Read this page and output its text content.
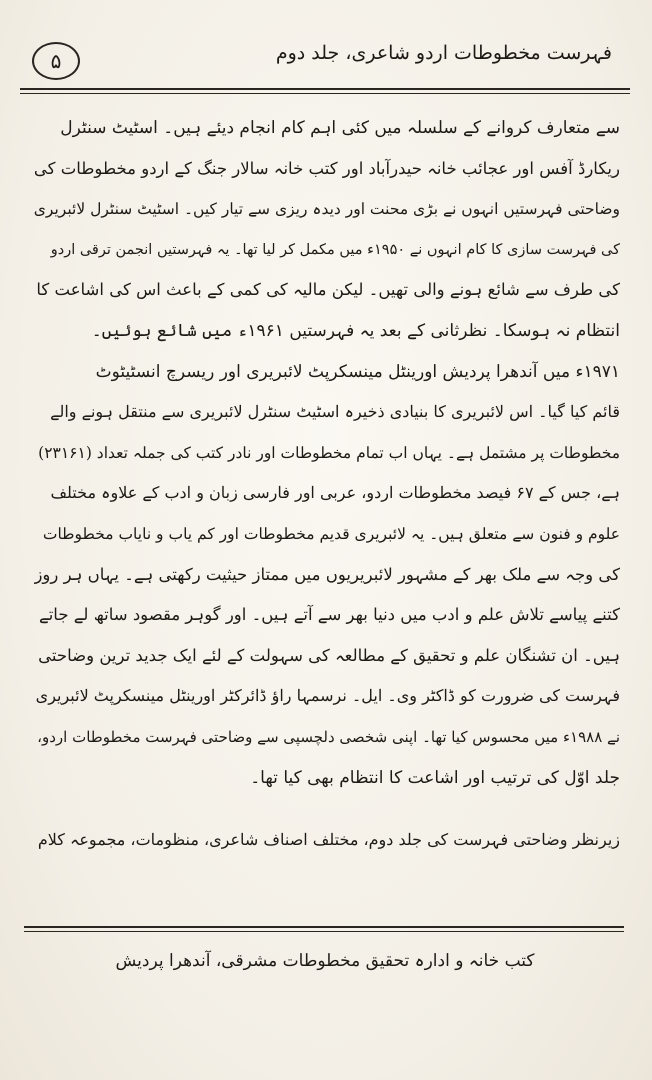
۵	فہرست مخطوطات اردو شاعری، جلد دوم
سے متعارف کروانے کے سلسلہ میں کئی اہم کام انجام دیئے ہیں۔ اسٹیٹ سنٹرل
ریکارڈ آفس اور عجائب خانہ حیدرآباد اور کتب خانہ سالار جنگ کے اردو مخطوطات کی
وضاحتی فہرستیں انہوں نے بڑی محنت اور دیدہ ریزی سے تیار کیں۔ اسٹیٹ سنٹرل لائبریری
کی فہرست سازی کا کام انہوں نے ۱۹۵۰ء میں مکمل کر لیا تھا۔ یہ فہرستیں انجمن ترقی اردو
کی طرف سے شائع ہونے والی تھیں۔ لیکن مالیہ کی کمی کے باعث اس کی اشاعت کا
انتظام نہ ہوسکا۔ نظرثانی کے بعد یہ فہرستیں ۱۹۶۱ء میں شائع ہوئیں۔
۱۹۷۱ء میں آندھرا پردیش اورینٹل مینسکرپٹ لائبریری اور ریسرچ انسٹیٹوٹ
قائم کیا گیا۔ اس لائبریری کا بنیادی ذخیرہ اسٹیٹ سنٹرل لائبریری سے منتقل ہونے والے
مخطوطات پر مشتمل ہے۔ یہاں اب تمام مخطوطات اور نادر کتب کی جملہ تعداد (۲۳۱۶۱)
ہے، جس کے ۶۷ فیصد مخطوطات اردو، عربی اور فارسی زبان و ادب کے علاوہ مختلف
علوم و فنون سے متعلق ہیں۔ یہ لائبریری قدیم مخطوطات اور کم یاب و نایاب مخطوطات
کی وجہ سے ملک بھر کے مشہور لائبریریوں میں ممتاز حیثیت رکھتی ہے۔ یہاں ہر روز
کتنے پیاسے تلاش علم و ادب میں دنیا بھر سے آتے ہیں۔ اور گوہر مقصود ساتھ لے جاتے
ہیں۔ ان تشنگان علم و تحقیق کے مطالعہ کی سہولت کے لئے ایک جدید ترین وضاحتی
فہرست کی ضرورت کو ڈاکٹر وی۔ ایل۔ نرسمہا راؤ ڈائرکٹر اورینٹل مینسکرپٹ لائبریری
نے ۱۹۸۸ء میں محسوس کیا تھا۔ اپنی شخصی دلچسپی سے وضاحتی فہرست مخطوطات اردو،
جلد اوّل کی ترتیب اور اشاعت کا انتظام بھی کیا تھا۔
زیرنظر وضاحتی فہرست کی جلد دوم، مختلف اصناف شاعری، منظومات، مجموعہ کلام
کتب خانہ و ادارہ تحقیق مخطوطات مشرقی، آندھرا پردیش
